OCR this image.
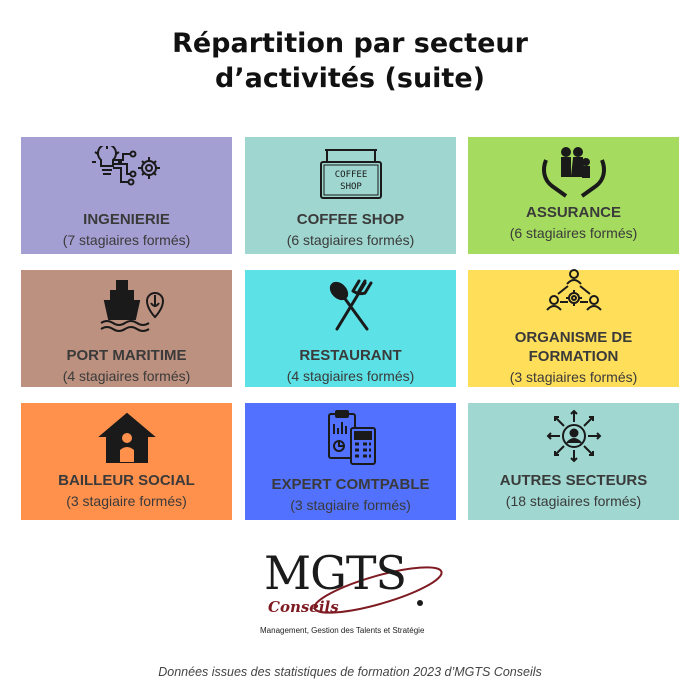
Répartition par secteur
d’activités (suite)
INGENIERIE
(7 stagiaires formés)
COFFEE
SHOP
COFFEE SHOP
(6 stagiaires formés)
ASSURANCE
(6 stagiaires formés)
PORT MARITIME
(4 stagiaires formés)
RESTAURANT
(4 stagiaires formés)
ORGANISME DE
FORMATION
(3 stagiaires formés)
BAILLEUR SOCIAL
(3 stagiaire formés)
EXPERT COMTPABLE
(3 stagiaire formés)
AUTRES SECTEURS
(18 stagiaires formés)
MGTS
Conseils
Management, Gestion des Talents et Stratégie
Données issues des statistiques de formation 2023 d’MGTS Conseils
